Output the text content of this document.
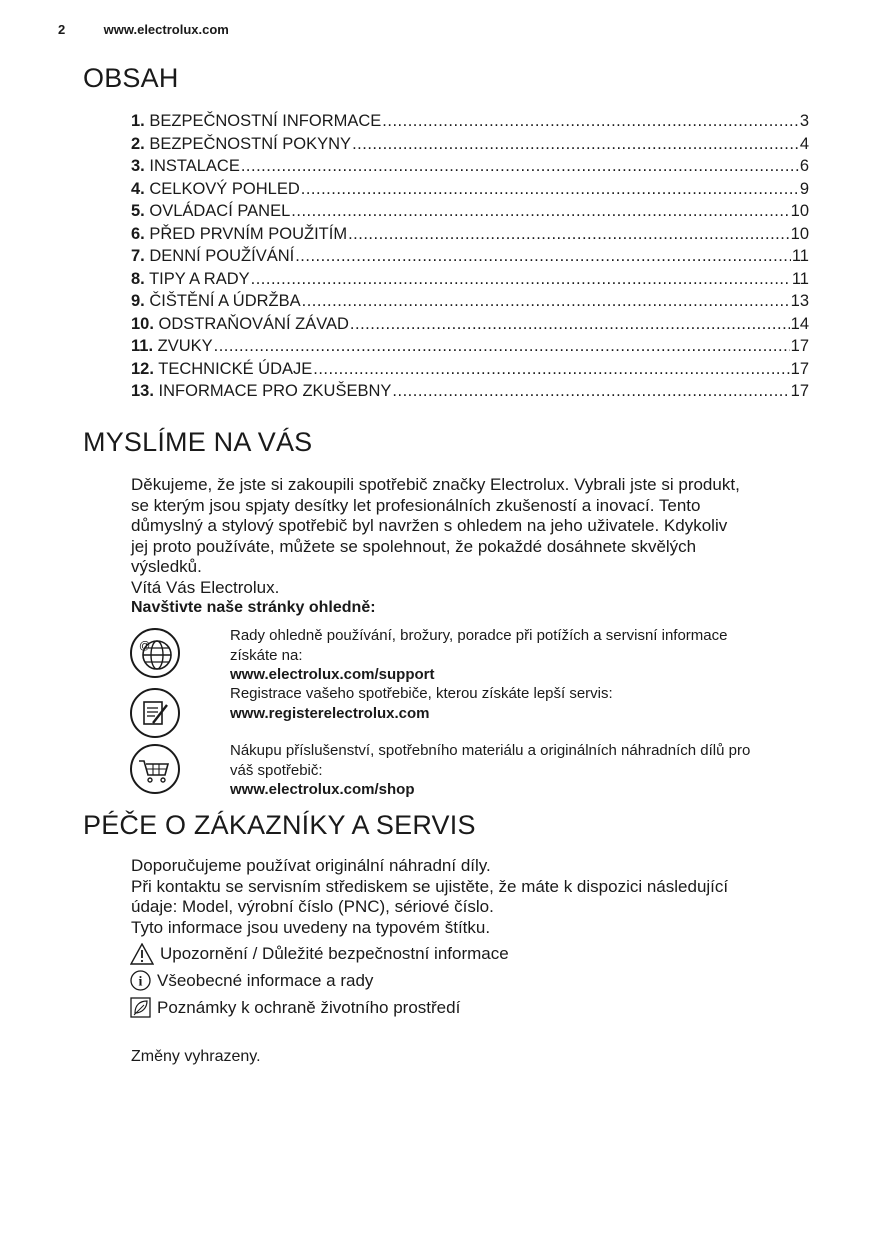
2	www.electrolux.com
OBSAH
1. BEZPEČNOSTNÍ INFORMACE .....	3
2. BEZPEČNOSTNÍ POKYNY .....	4
3. INSTALACE .....	6
4. CELKOVÝ POHLED .....	9
5. OVLÁDACÍ PANEL .....	10
6. PŘED PRVNÍM POUŽITÍM .....	10
7. DENNÍ POUŽÍVÁNÍ .....	11
8. TIPY A RADY .....	11
9. ČIŠTĚNÍ A ÚDRŽBA .....	13
10. ODSTRAŇOVÁNÍ ZÁVAD .....	14
11. ZVUKY .....	17
12. TECHNICKÉ ÚDAJE .....	17
13. INFORMACE PRO ZKUŠEBNY .....	17
MYSLÍME NA VÁS

Děkujeme, že jste si zakoupili spotřebič značky Electrolux. Vybrali jste si produkt,

se kterým jsou spjaty desítky let profesionálních zkušeností a inovací. Tento

důmyslný a stylový spotřebič byl navržen s ohledem na jeho uživatele. Kdykoliv

jej proto používáte, můžete se spolehnout, že pokaždé dosáhnete skvělých

výsledků.

Vítá Vás Electrolux.

Navštivte naše stránky ohledně:

@
Rady ohledně používání, brožury, poradce při potížích a servisní informace
získáte na:
www.electrolux.com/support
Registrace vašeho spotřebiče, kterou získáte lepší servis:
www.registerelectrolux.com
Nákupu příslušenství, spotřebního materiálu a originálních náhradních dílů pro
váš spotřebič:
www.electrolux.com/shop
PÉČE O ZÁKAZNÍKY A SERVIS

Doporučujeme používat originální náhradní díly.

Při kontaktu se servisním střediskem se ujistěte, že máte k dispozici následující

údaje: Model, výrobní číslo (PNC), sériové číslo.

Tyto informace jsou uvedeny na typovém štítku.

Upozornění / Důležité bezpečnostní informace
i Všeobecné informace a rady
Poznámky k ochraně životního prostředí

Změny vyhrazeny.
